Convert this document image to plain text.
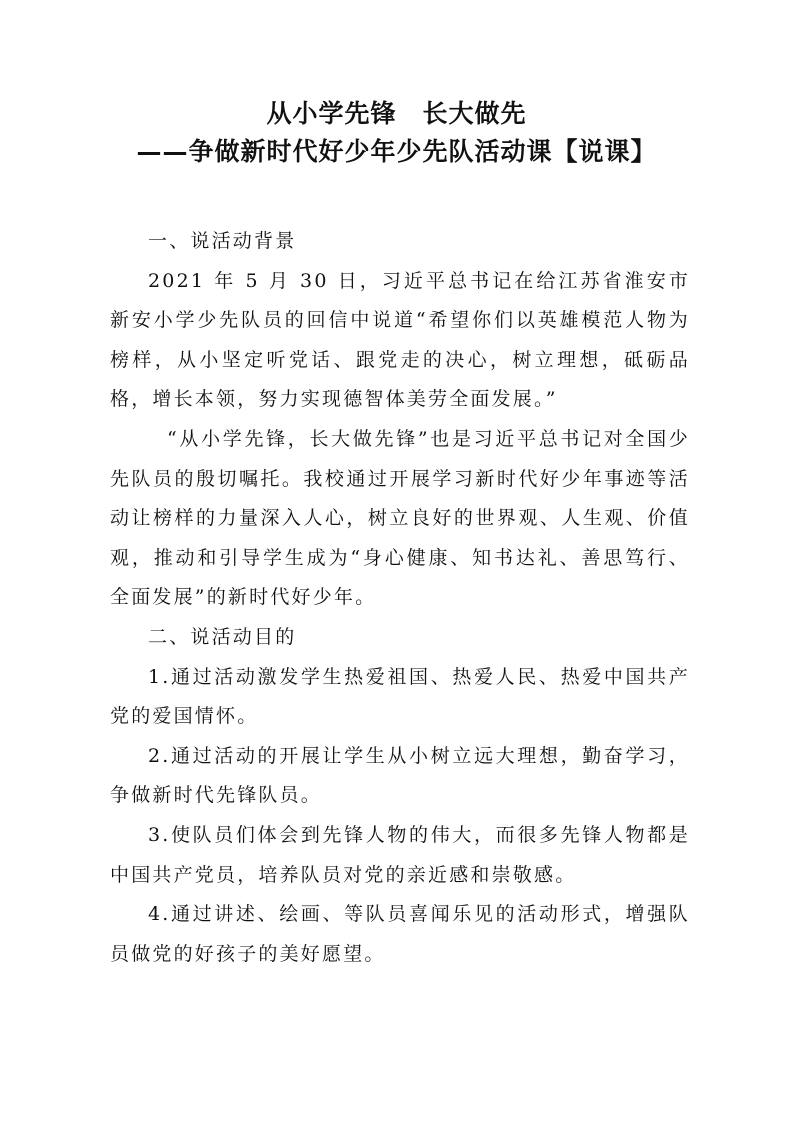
从小学先锋　长大做先
——争做新时代好少年少先队活动课【说课】

一、说活动背景

2021 年 5 月 30 日，习近平总书记在给江苏省淮安市新安小学少先队员的回信中说道“希望你们以英雄模范人物为榜样，从小坚定听党话、跟党走的决心，树立理想，砥砺品格，增长本领，努力实现德智体美劳全面发展。”

“从小学先锋，长大做先锋”也是习近平总书记对全国少先队员的殷切嘱托。我校通过开展学习新时代好少年事迹等活动让榜样的力量深入人心，树立良好的世界观、人生观、价值观，推动和引导学生成为“身心健康、知书达礼、善思笃行、全面发展”的新时代好少年。

二、说活动目的

1.通过活动激发学生热爱祖国、热爱人民、热爱中国共产党的爱国情怀。

2.通过活动的开展让学生从小树立远大理想，勤奋学习，争做新时代先锋队员。

3.使队员们体会到先锋人物的伟大，而很多先锋人物都是中国共产党员，培养队员对党的亲近感和崇敬感。

4.通过讲述、绘画、等队员喜闻乐见的活动形式，增强队员做党的好孩子的美好愿望。
